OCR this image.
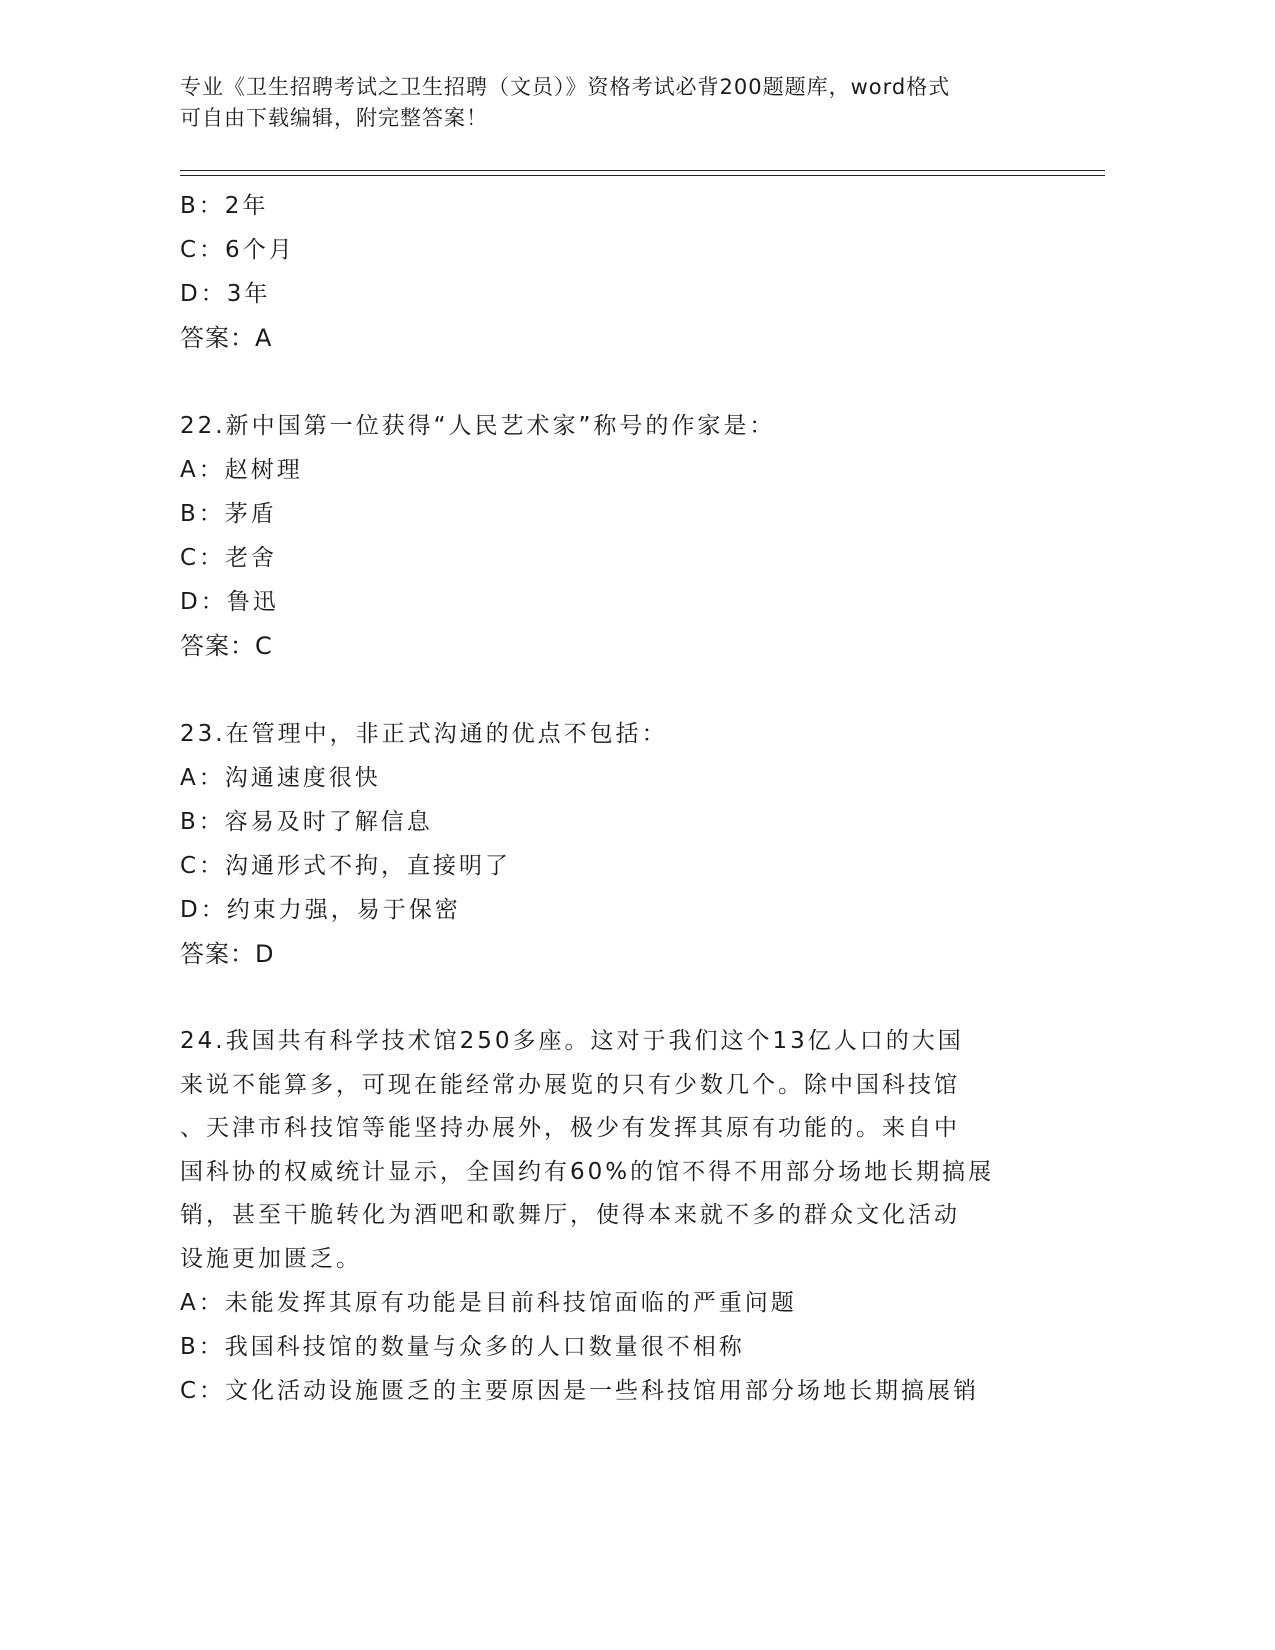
专业《卫生招聘考试之卫生招聘（文员）》资格考试必背200题题库，word格式
可自由下载编辑，附完整答案！
B：2年
C：6个月
D：3年
答案：A
22.新中国第一位获得“人民艺术家”称号的作家是：
A：赵树理
B：茅盾
C：老舍
D：鲁迅
答案：C
23.在管理中，非正式沟通的优点不包括：
A：沟通速度很快
B：容易及时了解信息
C：沟通形式不拘，直接明了
D：约束力强，易于保密
答案：D
24.我国共有科学技术馆250多座。这对于我们这个13亿人口的大国
来说不能算多，可现在能经常办展览的只有少数几个。除中国科技馆
、天津市科技馆等能坚持办展外，极少有发挥其原有功能的。来自中
国科协的权威统计显示，全国约有60%的馆不得不用部分场地长期搞展
销，甚至干脆转化为酒吧和歌舞厅，使得本来就不多的群众文化活动
设施更加匮乏。
A：未能发挥其原有功能是目前科技馆面临的严重问题
B：我国科技馆的数量与众多的人口数量很不相称
C：文化活动设施匮乏的主要原因是一些科技馆用部分场地长期搞展销
